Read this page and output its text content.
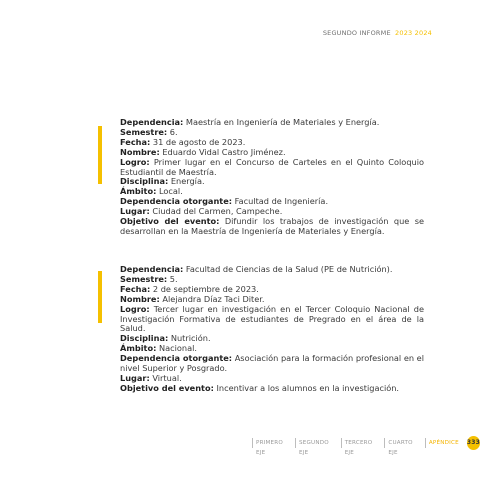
SEGUNDO INFORME 2023 2024
Dependencia: Maestría en Ingeniería de Materiales y Energía.
Semestre: 6.
Fecha: 31 de agosto de 2023.
Nombre: Eduardo Vidal Castro Jiménez.
Logro: Primer lugar en el Concurso de Carteles en el Quinto Coloquio Estudiantil de Maestría.
Disciplina: Energía.
Ámbito: Local.
Dependencia otorgante: Facultad de Ingeniería.
Lugar: Ciudad del Carmen, Campeche.
Objetivo del evento: Difundir los trabajos de investigación que se desarrollan en la Maestría de Ingeniería de Materiales y Energía.
Dependencia: Facultad de Ciencias de la Salud (PE de Nutrición).
Semestre: 5.
Fecha: 2 de septiembre de 2023.
Nombre: Alejandra Díaz Taci Diter.
Logro: Tercer lugar en investigación en el Tercer Coloquio Nacional de Investigación Formativa de estudiantes de Pregrado en el área de la Salud.
Disciplina: Nutrición.
Ámbito: Nacional.
Dependencia otorgante: Asociación para la formación profesional en el nivel Superior y Posgrado.
Lugar: Virtual.
Objetivo del evento: Incentivar a los alumnos en la investigación.
PRIMERO EJE
SEGUNDO EJE
TERCERO EJE
CUARTO EJE
APÉNDICE	333
